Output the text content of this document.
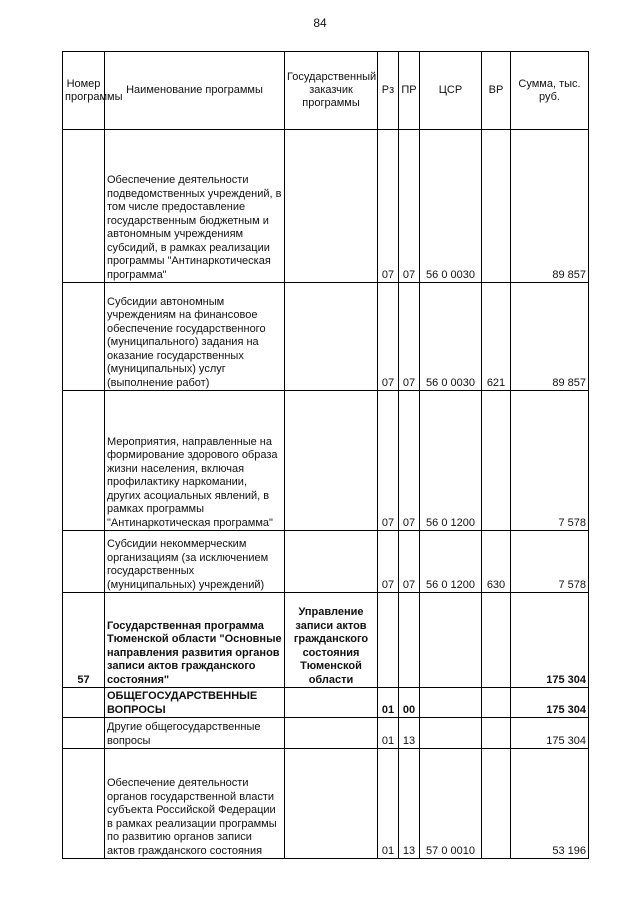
84
Номер программы	Наименование программы	Государственный заказчик программы	Рз	ПР	ЦСР	ВР	Сумма, тыс. руб.
	Обеспечение деятельности подведомственных учреждений, в том числе предоставление государственным бюджетным и автономным учреждениям субсидий, в рамках реализации программы "Антинаркотическая программа"		07	07	56 0 0030		89 857
	Субсидии автономным учреждениям на финансовое обеспечение государственного (муниципального) задания на оказание государственных (муниципальных) услуг (выполнение работ)		07	07	56 0 0030	621	89 857
	Мероприятия, направленные на формирование здорового образа жизни населения, включая профилактику наркомании, других асоциальных явлений, в рамках программы "Антинаркотическая программа"		07	07	56 0 1200		7 578
	Субсидии некоммерческим организациям (за исключением государственных (муниципальных) учреждений)		07	07	56 0 1200	630	7 578
57	Государственная программа Тюменской области "Основные направления развития органов записи актов гражданского состояния"	Управление записи актов гражданского состояния Тюменской области					175 304
	ОБЩЕГОСУДАРСТВЕННЫЕ ВОПРОСЫ		01	00			175 304
	Другие общегосударственные вопросы		01	13			175 304
	Обеспечение деятельности органов государственной власти субъекта Российской Федерации в рамках реализации программы по развитию органов записи актов гражданского состояния		01	13	57 0 0010		53 196
